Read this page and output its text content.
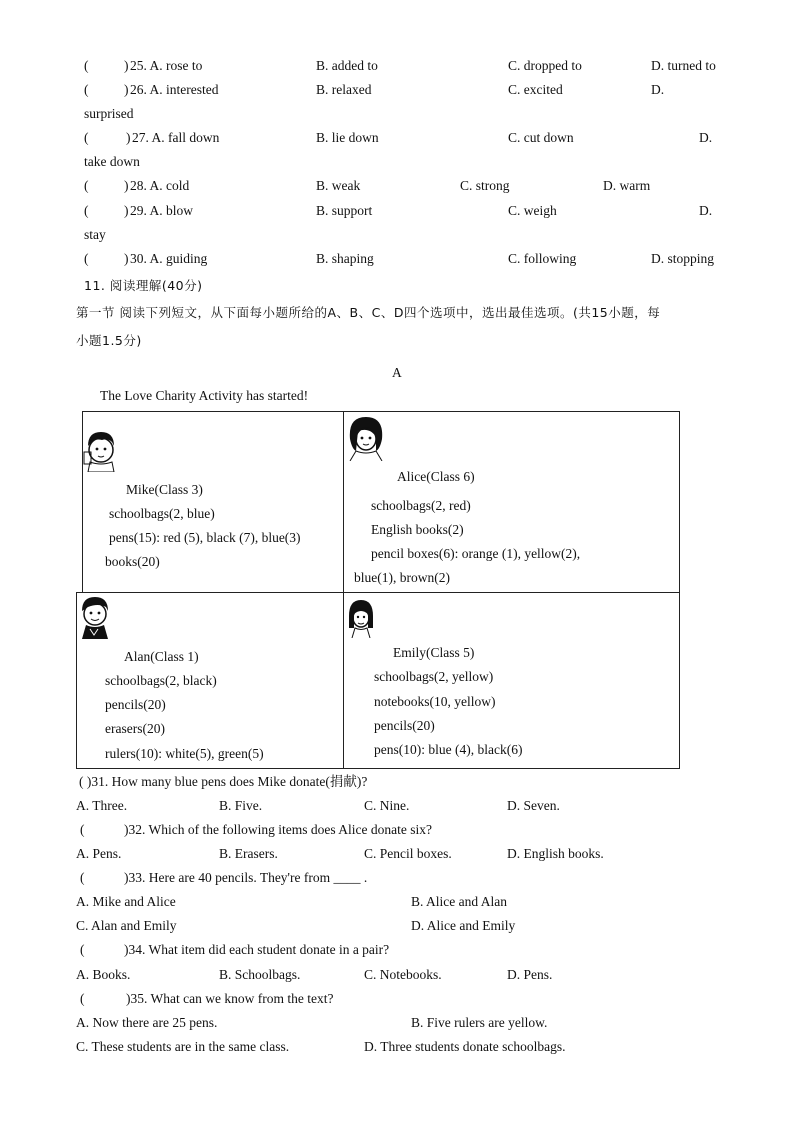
(	) 25. A. rose to	B. added to	C. dropped to	D. turned to
(	) 26. A. interested	B. relaxed	C. excited	D.
surprised
(	) 27. A. fall down	B. lie down	C. cut down	D.
take down
(	) 28. A. cold	B. weak	C. strong	D. warm
(	) 29. A. blow	B. support	C. weigh	D.
stay
(	) 30. A. guiding	B. shaping	C. following	D. stopping
11. 阅读理解(40分)
第一节 阅读下列短文，从下面每小题所给的A、B、C、D四个选项中，选出最佳选项。(共15小题，每
小题1.5分)
A
The Love Charity Activity has started!
Mike(Class 3)
schoolbags(2, blue)
pens(15): red (5), black (7), blue(3)
books(20)
Alice(Class 6)
schoolbags(2, red)
English books(2)
pencil boxes(6): orange (1), yellow(2),
blue(1), brown(2)
Alan(Class 1)
schoolbags(2, black)
pencils(20)
erasers(20)
rulers(10): white(5), green(5)
Emily(Class 5)
schoolbags(2, yellow)
notebooks(10, yellow)
pencils(20)
pens(10): blue (4), black(6)
( )31. How many blue pens does Mike donate(捐献)?
A. Three.	B. Five.	C. Nine.	D. Seven.
(	)32. Which of the following items does Alice donate six?
A. Pens.	B. Erasers.	C. Pencil boxes.	D. English books.
(	)33. Here are 40 pencils. They're from ____ .
A. Mike and Alice	B. Alice and Alan
C. Alan and Emily	D. Alice and Emily
(	)34. What item did each student donate in a pair?
A. Books.	B. Schoolbags.	C. Notebooks.	D. Pens.
(	)35. What can we know from the text?
A. Now there are 25 pens.	B. Five rulers are yellow.
C. These students are in the same class.	D. Three students donate schoolbags.
